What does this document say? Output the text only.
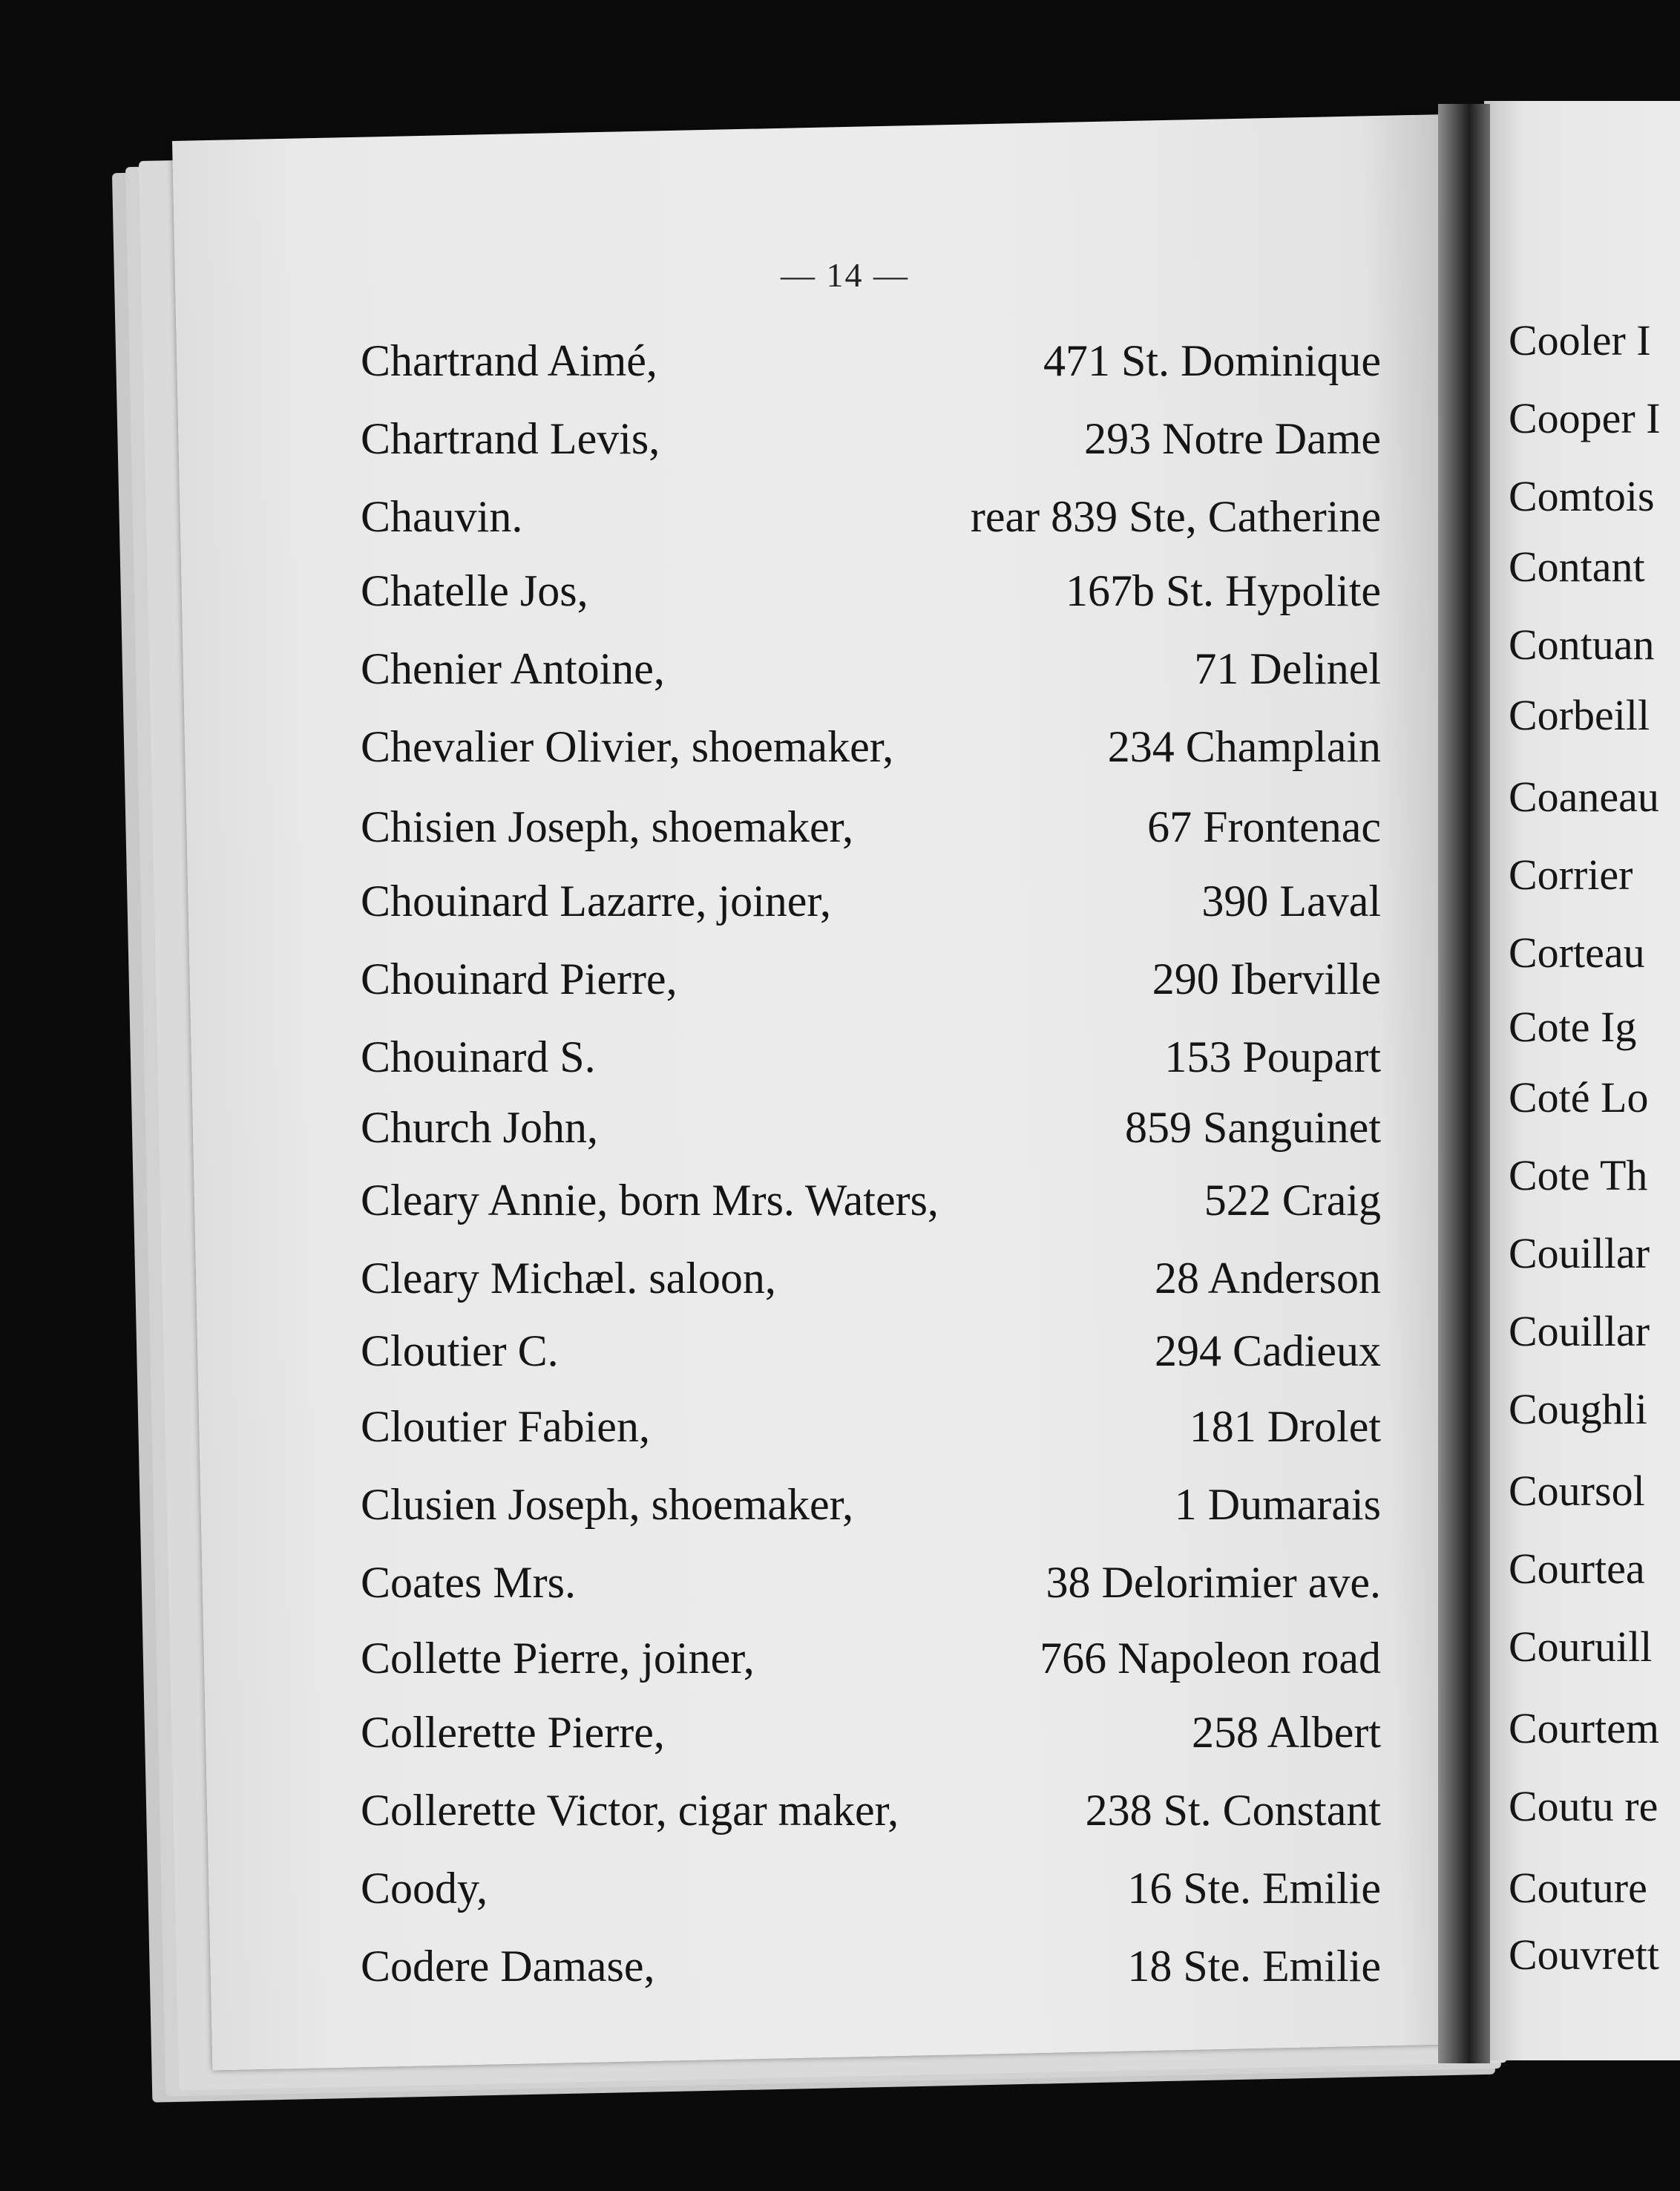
— 14 —
Chartrand Aimé,	471 St. Dominique
Chartrand Levis,	293 Notre Dame
Chauvin.	rear 839 Ste, Catherine
Chatelle Jos,	167b St. Hypolite
Chenier Antoine,	71 Delinel
Chevalier Olivier, shoemaker,	234 Champlain
Chisien Joseph, shoemaker,	67 Frontenac
Chouinard Lazarre, joiner,	390 Laval
Chouinard Pierre,	290 Iberville
Chouinard S.	153 Poupart
Church John,	859 Sanguinet
Cleary Annie, born Mrs. Waters,	522 Craig
Cleary Michæl. saloon,	28 Anderson
Cloutier C.	294 Cadieux
Cloutier Fabien,	181 Drolet
Clusien Joseph, shoemaker,	1 Dumarais
Coates Mrs.	38 Delorimier ave.
Collette Pierre, joiner,	766 Napoleon road
Collerette Pierre,	258 Albert
Collerette Victor, cigar maker,	238 St. Constant
Coody,	16 Ste. Emilie
Codere Damase,	18 Ste. Emilie
Cooler I
Cooper I
Comtois
Contant
Contuan
Corbeill
Coaneau
Corrier
Corteau
Cote Ig
Coté Lo
Cote Th
Couillar
Couillar
Coughli
Coursol
Courtea
Couruill
Courtem
Coutu re
Couture
Couvrett
